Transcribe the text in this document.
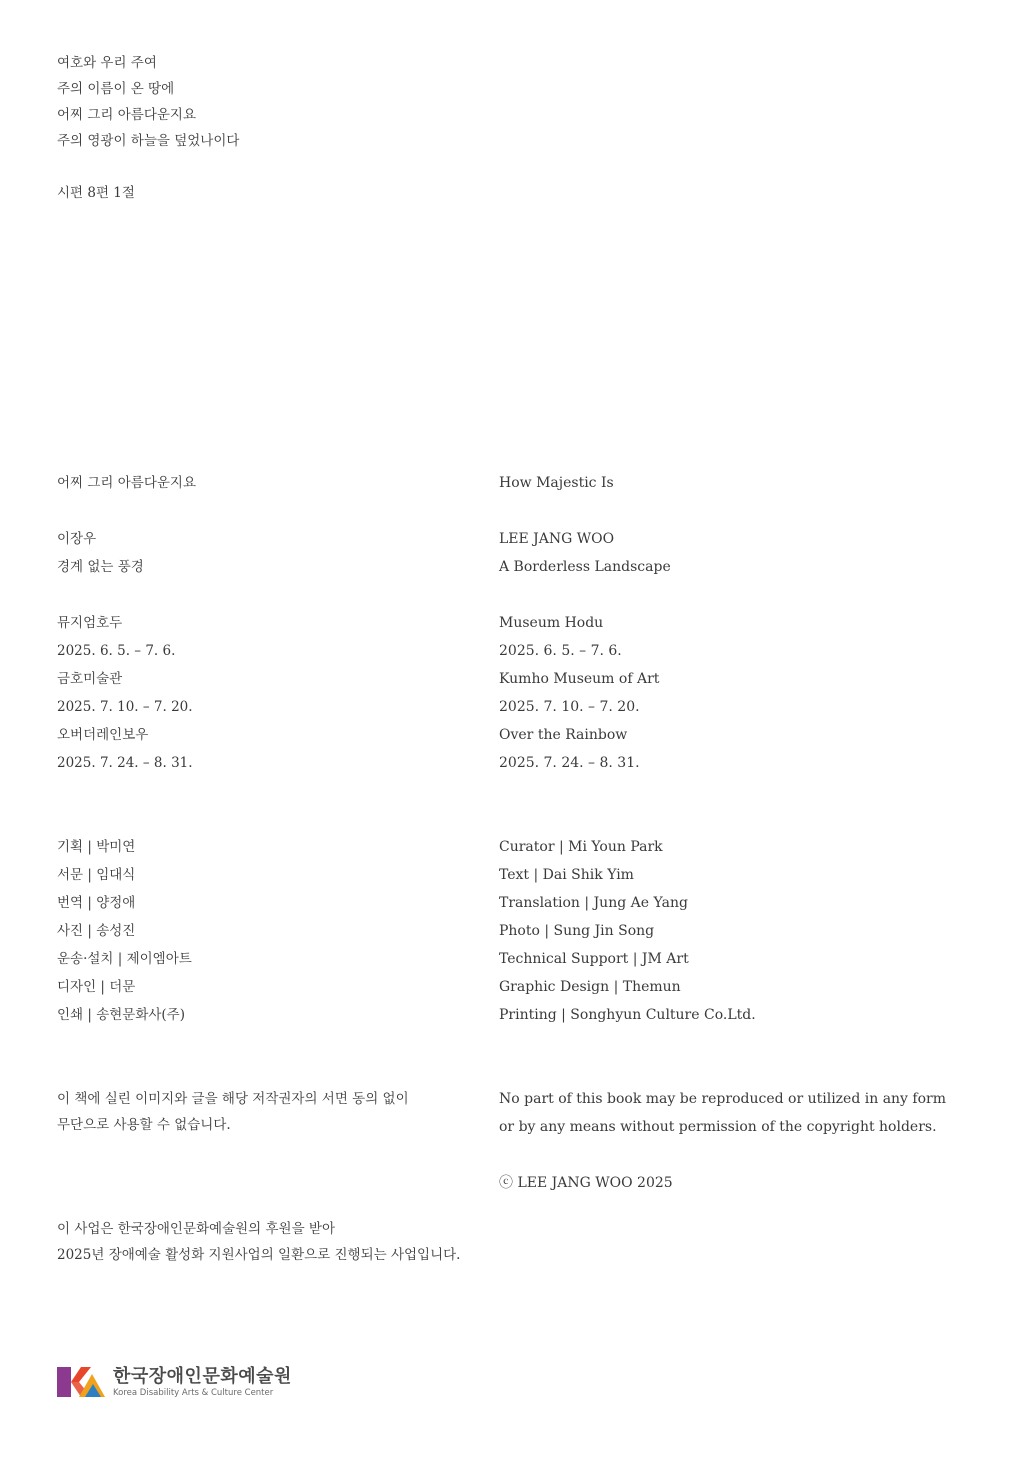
여호와 우리 주여
주의 이름이 온 땅에
어찌 그리 아름다운지요
주의 영광이 하늘을 덮었나이다
시편 8편 1절
어찌 그리 아름다운지요
이장우
경계 없는 풍경
뮤지엄호두
2025. 6. 5. – 7. 6.
금호미술관
2025. 7. 10. – 7. 20.
오버더레인보우
2025. 7. 24. – 8. 31.
기획 | 박미연
서문 | 임대식
번역 | 양정애
사진 | 송성진
운송·설치 | 제이엠아트
디자인 | 더문
인쇄 | 송현문화사(주)
이 책에 실린 이미지와 글을 해당 저작권자의 서면 동의 없이
무단으로 사용할 수 없습니다.
이 사업은 한국장애인문화예술원의 후원을 받아
2025년 장애예술 활성화 지원사업의 일환으로 진행되는 사업입니다.
How Majestic Is
LEE JANG WOO
A Borderless Landscape
Museum Hodu
2025. 6. 5. – 7. 6.
Kumho Museum of Art
2025. 7. 10. – 7. 20.
Over the Rainbow
2025. 7. 24. – 8. 31.
Curator | Mi Youn Park
Text | Dai Shik Yim
Translation | Jung Ae Yang
Photo | Sung Jin Song
Technical Support | JM Art
Graphic Design | Themun
Printing | Songhyun Culture Co.Ltd.
No part of this book may be reproduced or utilized in any form
or by any means without permission of the copyright holders.
ⓒ LEE JANG WOO 2025
한국장애인문화예술원
Korea Disability Arts & Culture Center
